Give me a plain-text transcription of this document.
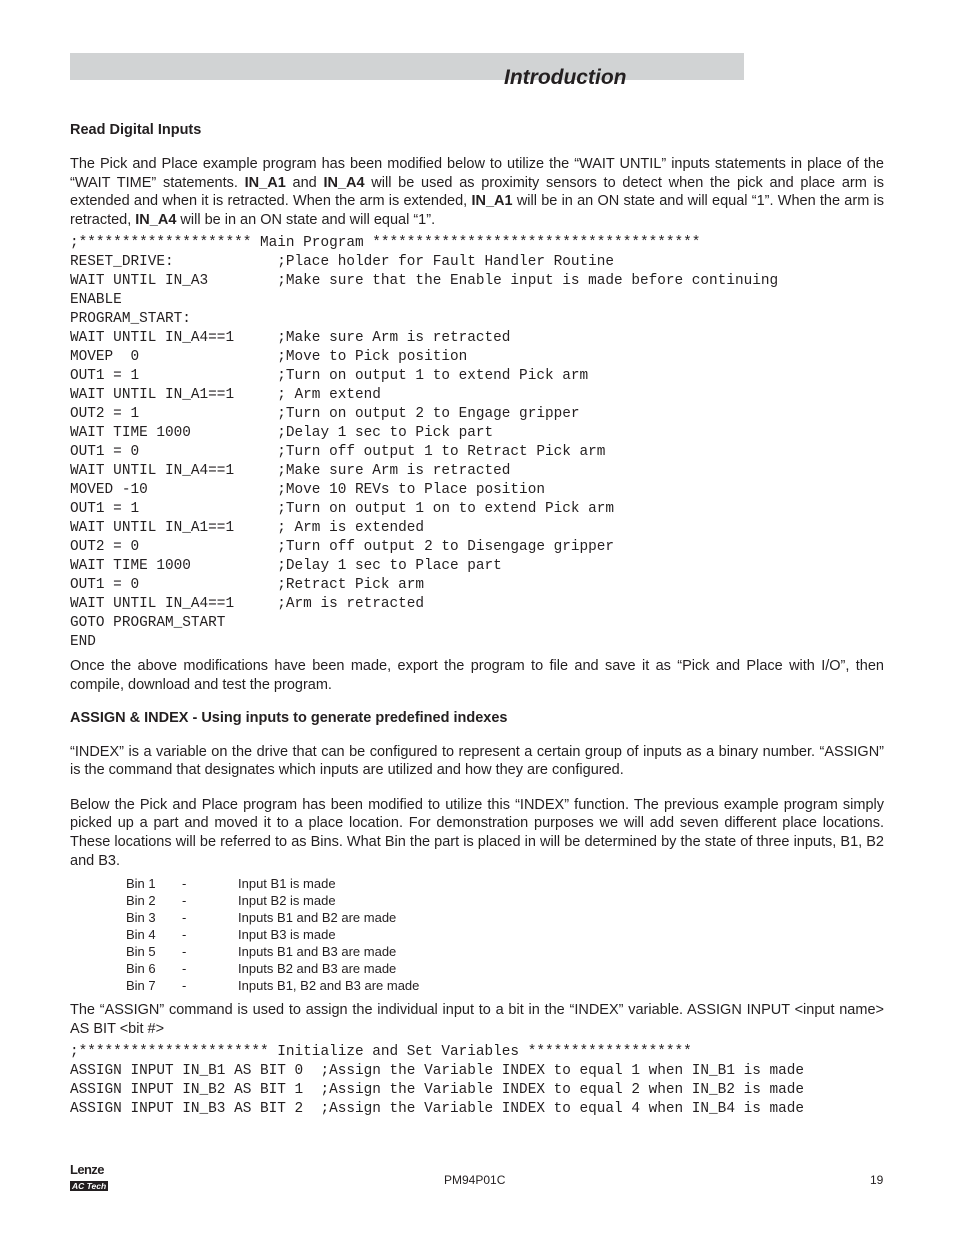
Introduction
Read Digital Inputs

The Pick and Place example program has been modified below to utilize the “WAIT UNTIL” inputs statements in place of the “WAIT TIME” statements. IN_A1 and IN_A4 will be used as proximity sensors to detect when the pick and place arm is extended and when it is retracted. When the arm is extended, IN_A1 will be in an ON state and will equal “1”. When the arm is retracted, IN_A4 will be in an ON state and will equal “1”.

;******************** Main Program **************************************
RESET_DRIVE:            ;Place holder for Fault Handler Routine
WAIT UNTIL IN_A3        ;Make sure that the Enable input is made before continuing
ENABLE
PROGRAM_START:
WAIT UNTIL IN_A4==1     ;Make sure Arm is retracted
MOVEP  0                ;Move to Pick position
OUT1 = 1                ;Turn on output 1 to extend Pick arm
WAIT UNTIL IN_A1==1     ; Arm extend
OUT2 = 1                ;Turn on output 2 to Engage gripper
WAIT TIME 1000          ;Delay 1 sec to Pick part
OUT1 = 0                ;Turn off output 1 to Retract Pick arm
WAIT UNTIL IN_A4==1     ;Make sure Arm is retracted
MOVED -10               ;Move 10 REVs to Place position
OUT1 = 1                ;Turn on output 1 on to extend Pick arm
WAIT UNTIL IN_A1==1     ; Arm is extended
OUT2 = 0                ;Turn off output 2 to Disengage gripper
WAIT TIME 1000          ;Delay 1 sec to Place part
OUT1 = 0                ;Retract Pick arm
WAIT UNTIL IN_A4==1     ;Arm is retracted
GOTO PROGRAM_START
END

Once the above modifications have been made, export the program to file and save it as “Pick and Place with I/O”, then compile, download and test the program.

ASSIGN & INDEX - Using inputs to generate predefined indexes

“INDEX” is a variable on the drive that can be configured to represent a certain group of inputs as a binary number. “ASSIGN” is the command that designates which inputs are utilized and how they are configured.

Below the Pick and Place program has been modified to utilize this “INDEX” function. The previous example program simply picked up a part and moved it to a place location. For demonstration purposes we will add seven different place locations. These locations will be referred to as Bins. What Bin the part is placed in will be determined by the state of three inputs, B1, B2 and B3.

Bin 1	-	Input B1 is made
Bin 2	-	Input B2 is made
Bin 3	-	Inputs B1 and B2 are made
Bin 4	-	Input B3 is made
Bin 5	-	Inputs B1 and B3 are made
Bin 6	-	Inputs B2 and B3 are made
Bin 7	-	Inputs B1, B2 and B3 are made

The “ASSIGN” command is used to assign the individual input to a bit in the “INDEX” variable. ASSIGN INPUT <input name> AS BIT <bit #>

;********************** Initialize and Set Variables *******************
ASSIGN INPUT IN_B1 AS BIT 0  ;Assign the Variable INDEX to equal 1 when IN_B1 is made
ASSIGN INPUT IN_B2 AS BIT 1  ;Assign the Variable INDEX to equal 2 when IN_B2 is made
ASSIGN INPUT IN_B3 AS BIT 2  ;Assign the Variable INDEX to equal 4 when IN_B4 is made
Lenze
AC Tech	PM94P01C	19
